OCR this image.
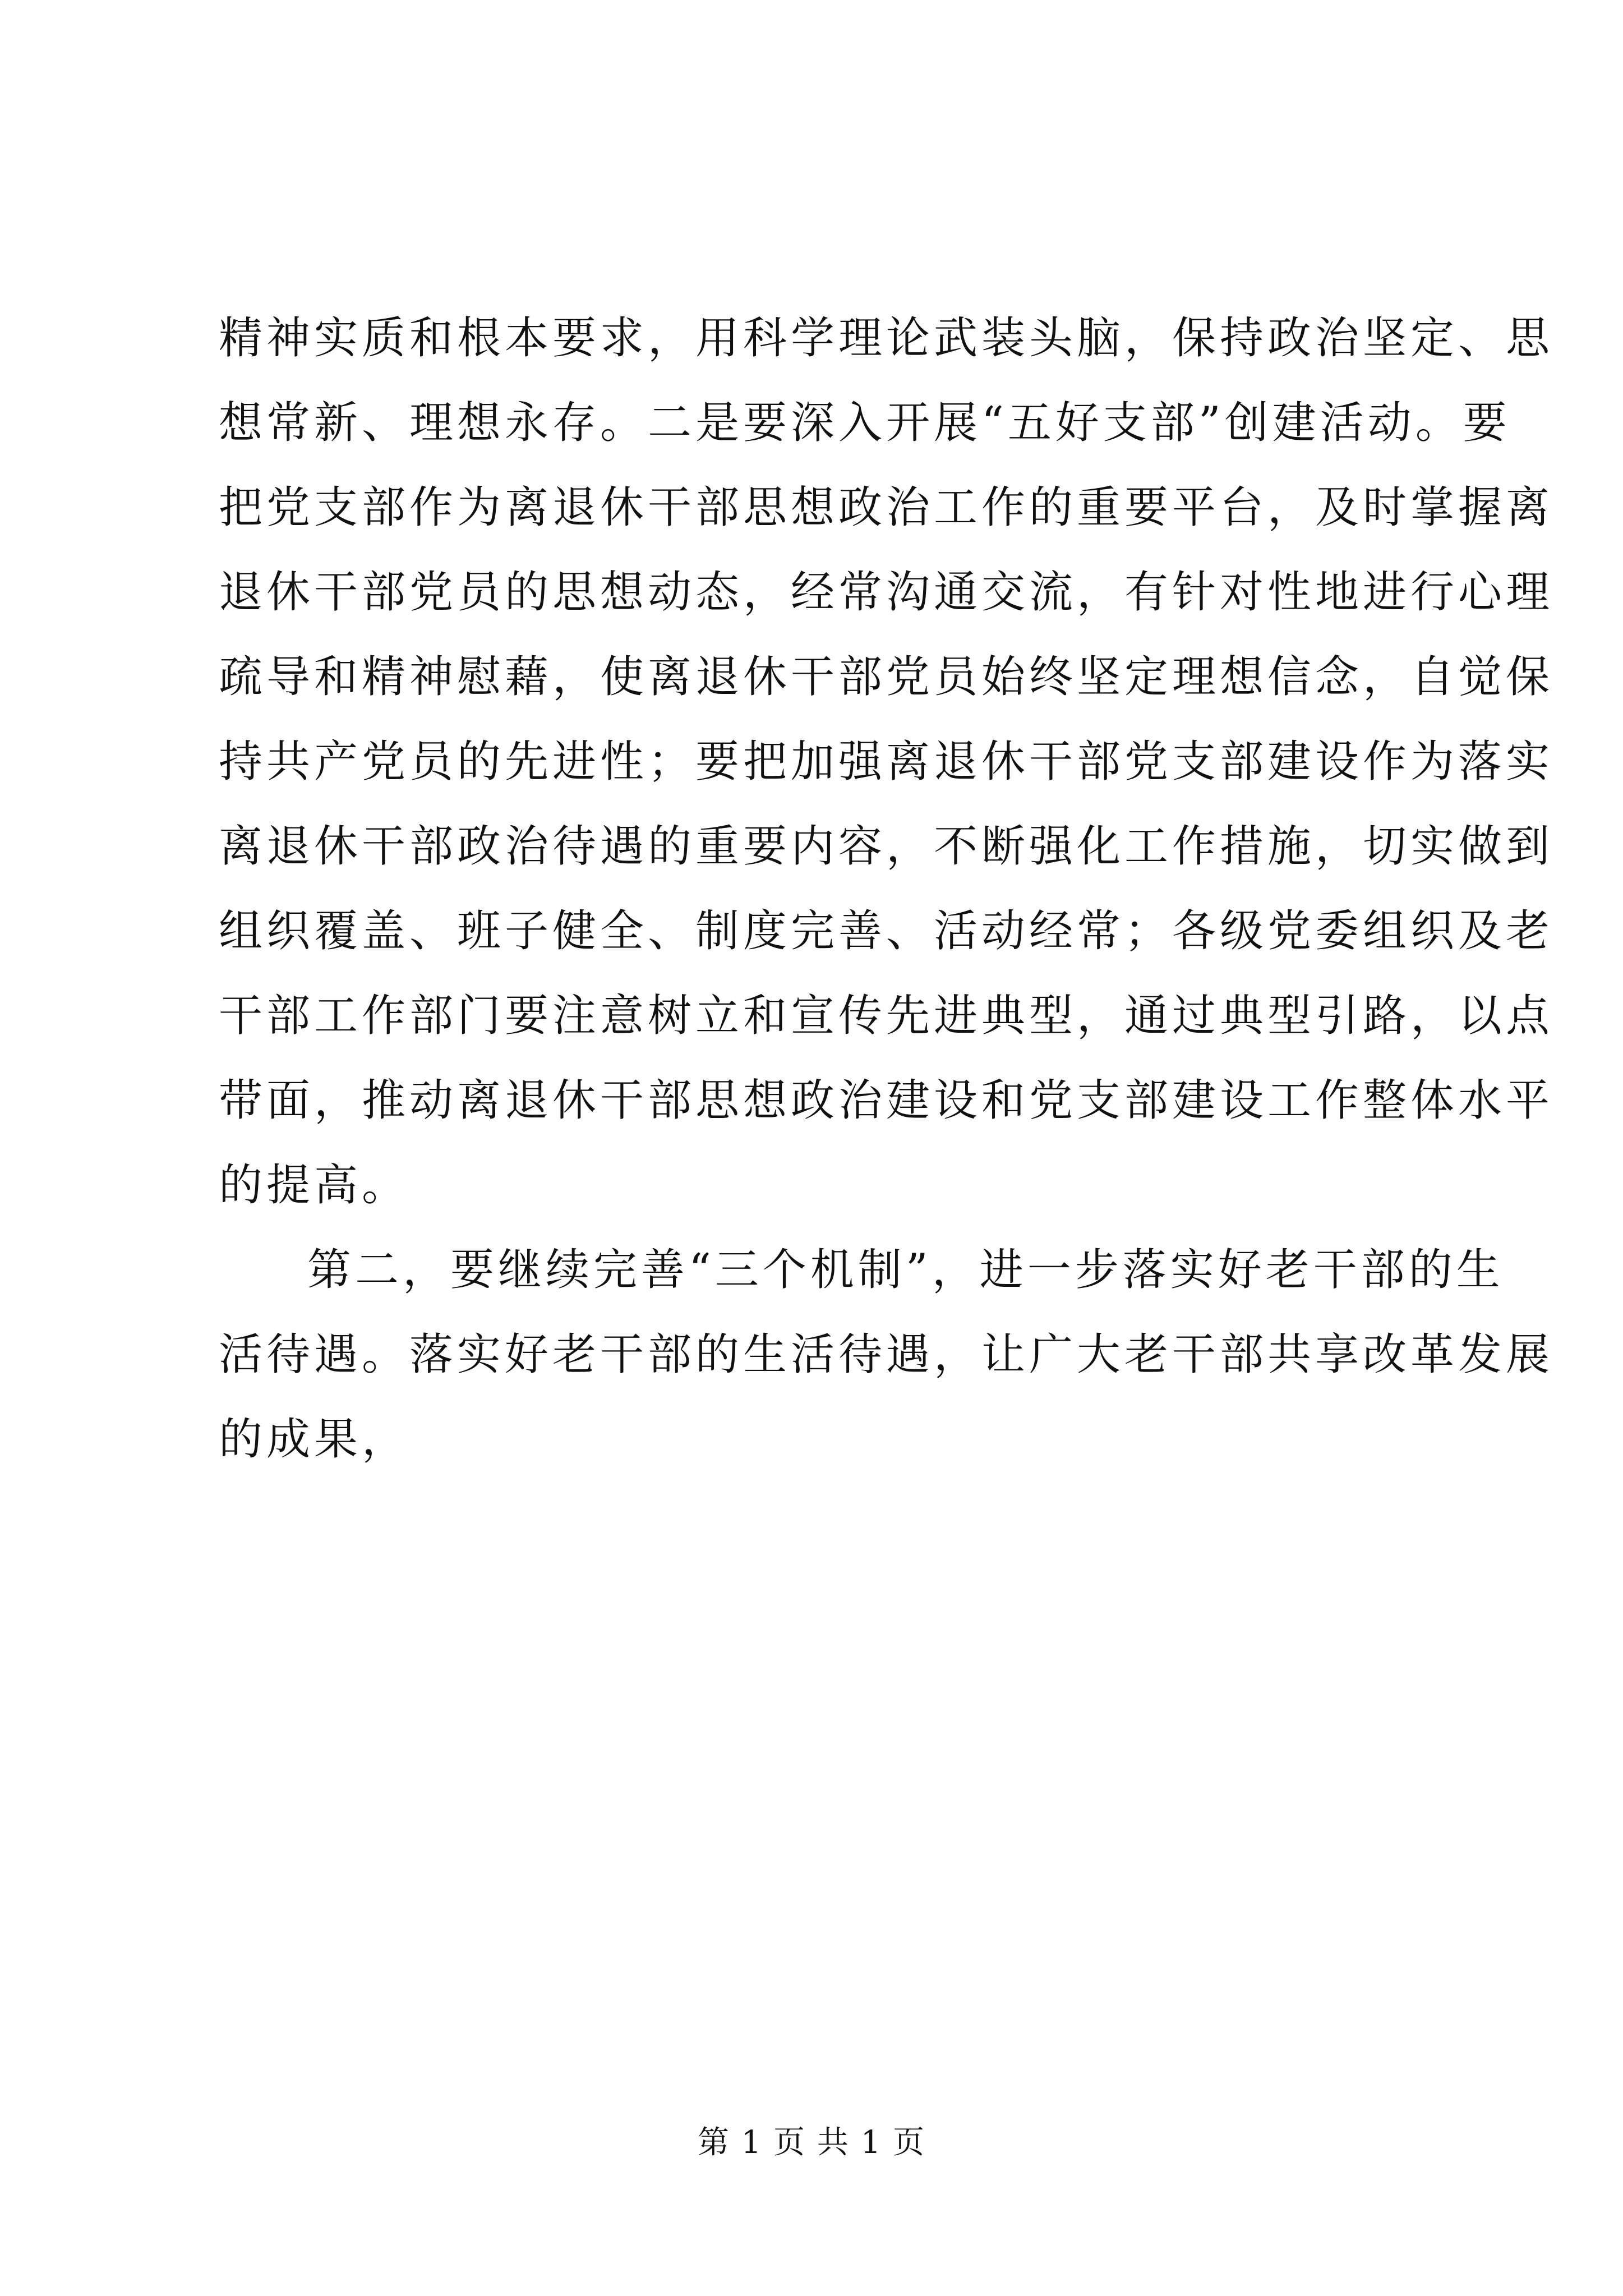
精神实质和根本要求，用科学理论武装头脑，保持政治坚定、思
想常新、理想永存。二是要深入开展“五好支部”创建活动。要
把党支部作为离退休干部思想政治工作的重要平台，及时掌握离
退休干部党员的思想动态，经常沟通交流，有针对性地进行心理
疏导和精神慰藉，使离退休干部党员始终坚定理想信念，自觉保
持共产党员的先进性；要把加强离退休干部党支部建设作为落实
离退休干部政治待遇的重要内容，不断强化工作措施，切实做到
组织覆盖、班子健全、制度完善、活动经常；各级党委组织及老
干部工作部门要注意树立和宣传先进典型，通过典型引路，以点
带面，推动离退休干部思想政治建设和党支部建设工作整体水平
的提高。
第二，要继续完善“三个机制”，进一步落实好老干部的生
活待遇。落实好老干部的生活待遇，让广大老干部共享改革发展
的成果，
第 1 页 共 1 页
